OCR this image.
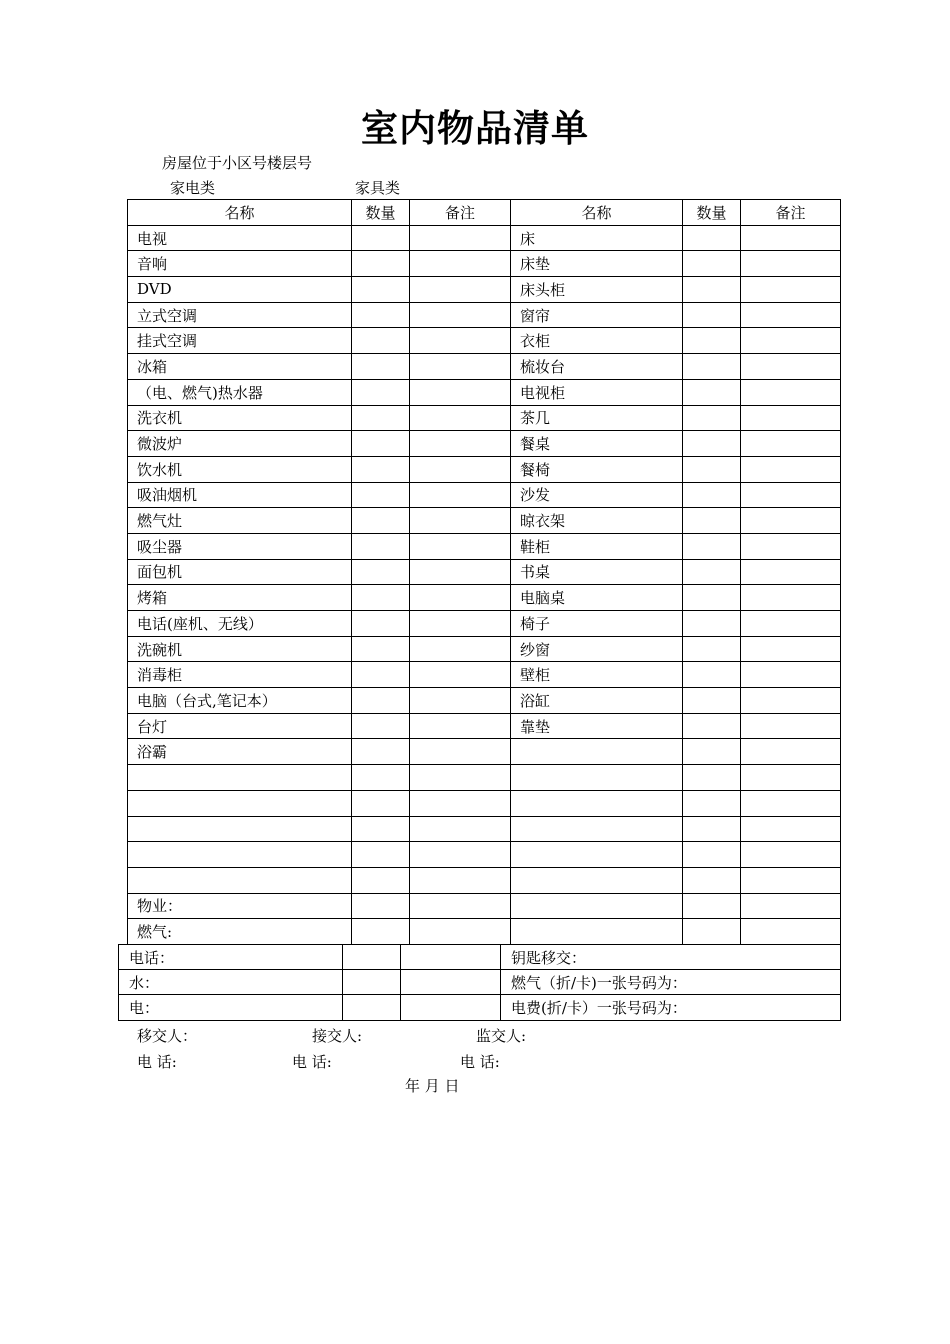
室内物品清单
房屋位于小区号楼层号
家电类	家具类
名称	数量	备注	名称	数量	备注
电视			床		
音响			床垫		
DVD			床头柜		
立式空调			窗帘		
挂式空调			衣柜		
冰箱			梳妆台		
（电、燃气)热水器			电视柜		
洗衣机			茶几		
微波炉			餐桌		
饮水机			餐椅		
吸油烟机			沙发		
燃气灶			晾衣架		
吸尘器			鞋柜		
面包机			书桌		
烤箱			电脑桌		
电话(座机、无线）			椅子		
洗碗机			纱窗		
消毒柜			壁柜		
电脑（台式,笔记本）			浴缸		
台灯			靠垫		
浴霸					

物业：					
燃气:					
电话：			钥匙移交：
水：			燃气（折/卡)一张号码为：
电：			电费(折/卡）一张号码为：
移交人：	接交人:	监交人:
电 话:	电 话:	电 话:
年 月 日
